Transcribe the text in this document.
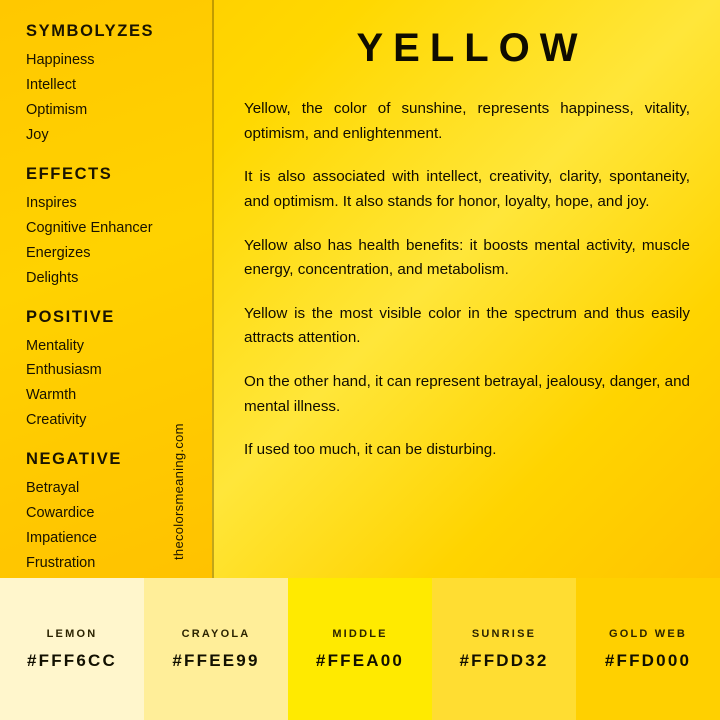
SYMBOLYZES
Happiness
Intellect
Optimism
Joy
EFFECTS
Inspires
Cognitive Enhancer
Energizes
Delights
POSITIVE
Mentality
Enthusiasm
Warmth
Creativity
NEGATIVE
Betrayal
Cowardice
Impatience
Frustration
thecolorsmeaning.com
YELLOW
Yellow, the color of sunshine, represents happiness, vitality, optimism, and enlightenment.
It is also associated with intellect, creativity, clarity, spontaneity, and optimism. It also stands for honor, loyalty, hope, and joy.
Yellow also has health benefits: it boosts mental activity, muscle energy, concentration, and metabolism.
Yellow is the most visible color in the spectrum and thus easily attracts attention.
On the other hand, it can represent betrayal, jealousy, danger, and mental illness.
If used too much, it can be disturbing.
LEMON
#FFF6CC
CRAYOLA
#FFEE99
MIDDLE
#FFEA00
SUNRISE
#FFDD32
GOLD WEB
#FFD000
